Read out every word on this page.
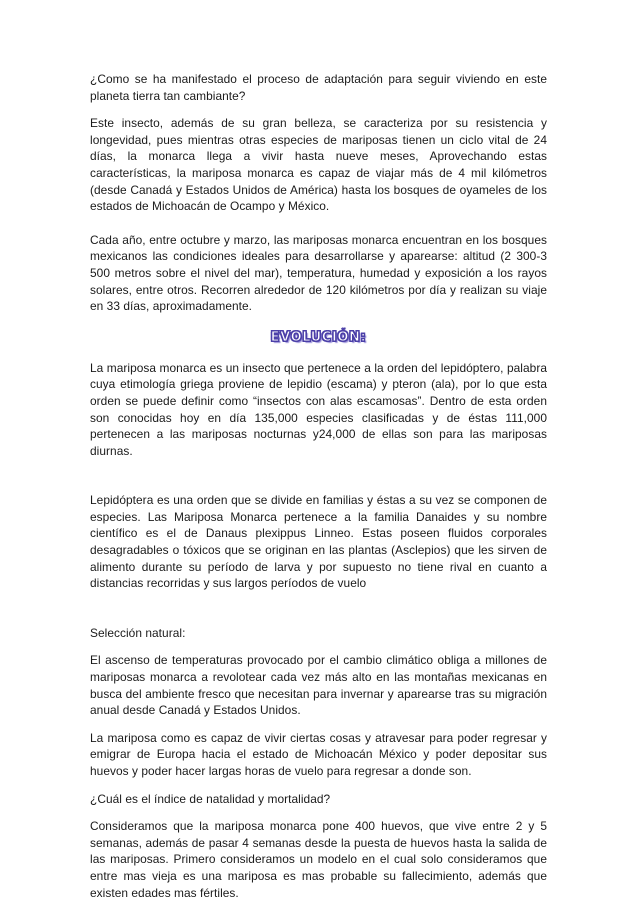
¿Como se ha manifestado el proceso de adaptación para seguir viviendo en este planeta tierra tan cambiante?

Este insecto, además de su gran belleza, se caracteriza por su resistencia y longevidad, pues mientras otras especies de mariposas tienen un ciclo vital de 24 días, la monarca llega a vivir hasta nueve meses, Aprovechando estas características, la mariposa monarca es capaz de viajar más de 4 mil kilómetros (desde Canadá y Estados Unidos de América) hasta los bosques de oyameles de los estados de Michoacán de Ocampo y México.

Cada año, entre octubre y marzo, las mariposas monarca encuentran en los bosques mexicanos las condiciones ideales para desarrollarse y aparearse: altitud (2 300-3 500 metros sobre el nivel del mar), temperatura, humedad y exposición a los rayos solares, entre otros. Recorren alrededor de 120 kilómetros por día y realizan su viaje en 33 días, aproximadamente.

EVOLUCIÓN:

La mariposa monarca es un insecto que pertenece a la orden del lepidóptero, palabra cuya etimología griega proviene de lepidio (escama) y pteron (ala), por lo que esta orden se puede definir como “insectos con alas escamosas”. Dentro de esta orden son conocidas hoy en día 135,000 especies clasificadas y de éstas 111,000 pertenecen a las mariposas nocturnas y24,000 de ellas son para las mariposas diurnas.

Lepidóptera es una orden que se divide en familias y éstas a su vez se componen de especies. Las Mariposa Monarca pertenece a la familia Danaides y su nombre científico es el de Danaus plexippus Linneo. Estas poseen fluidos corporales desagradables o tóxicos que se originan en las plantas (Asclepios) que les sirven de alimento durante su período de larva y por supuesto no tiene rival en cuanto a distancias recorridas y sus largos períodos de vuelo

Selección natural:

El ascenso de temperaturas provocado por el cambio climático obliga a millones de mariposas monarca a revolotear cada vez más alto en las montañas mexicanas en busca del ambiente fresco que necesitan para invernar y aparearse tras su migración anual desde Canadá y Estados Unidos.

La mariposa como es capaz de vivir ciertas cosas y atravesar para poder regresar y emigrar de Europa hacia el estado de Michoacán México y poder depositar sus huevos y poder hacer largas horas de vuelo para regresar a donde son.

¿Cuál es el índice de natalidad y mortalidad?

Consideramos que la mariposa monarca pone 400 huevos, que vive entre 2 y 5 semanas, además de pasar 4 semanas desde la puesta de huevos hasta la salida de las mariposas. Primero consideramos un modelo en el cual solo consideramos que entre mas vieja es una mariposa es mas probable su fallecimiento, además que existen edades mas fértiles.
